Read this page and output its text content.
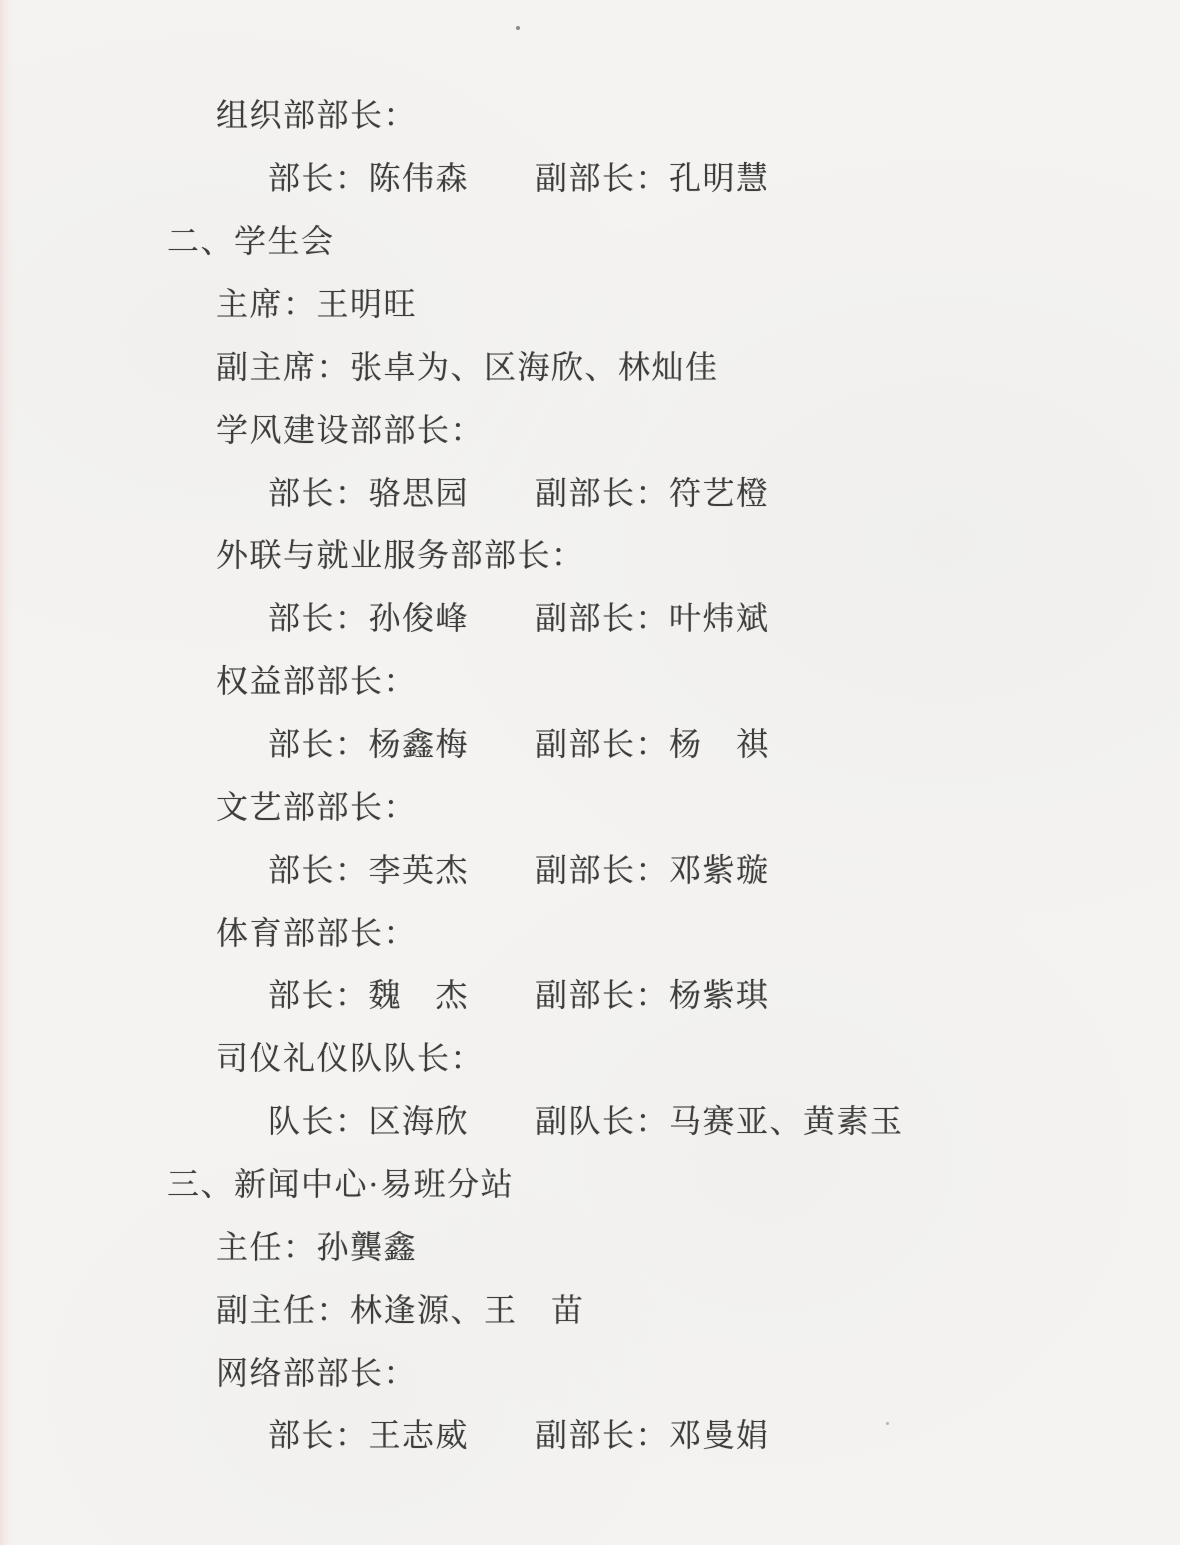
组织部部长：
部长：陈伟森 副部长：孔明慧
二、学生会
主席：王明旺
副主席：张卓为、区海欣、林灿佳
学风建设部部长：
部长：骆思园 副部长：符艺橙
外联与就业服务部部长：
部长：孙俊峰 副部长：叶炜斌
权益部部长：
部长：杨鑫梅 副部长：杨　祺
文艺部部长：
部长：李英杰 副部长：邓紫璇
体育部部长：
部长：魏　杰 副部长：杨紫琪
司仪礼仪队队长：
队长：区海欣 副队长：马赛亚、黄素玉
三、新闻中心·易班分站
主任：孙龔鑫
副主任：林逢源、王　苗
网络部部长：
部长：王志威 副部长：邓曼娟
